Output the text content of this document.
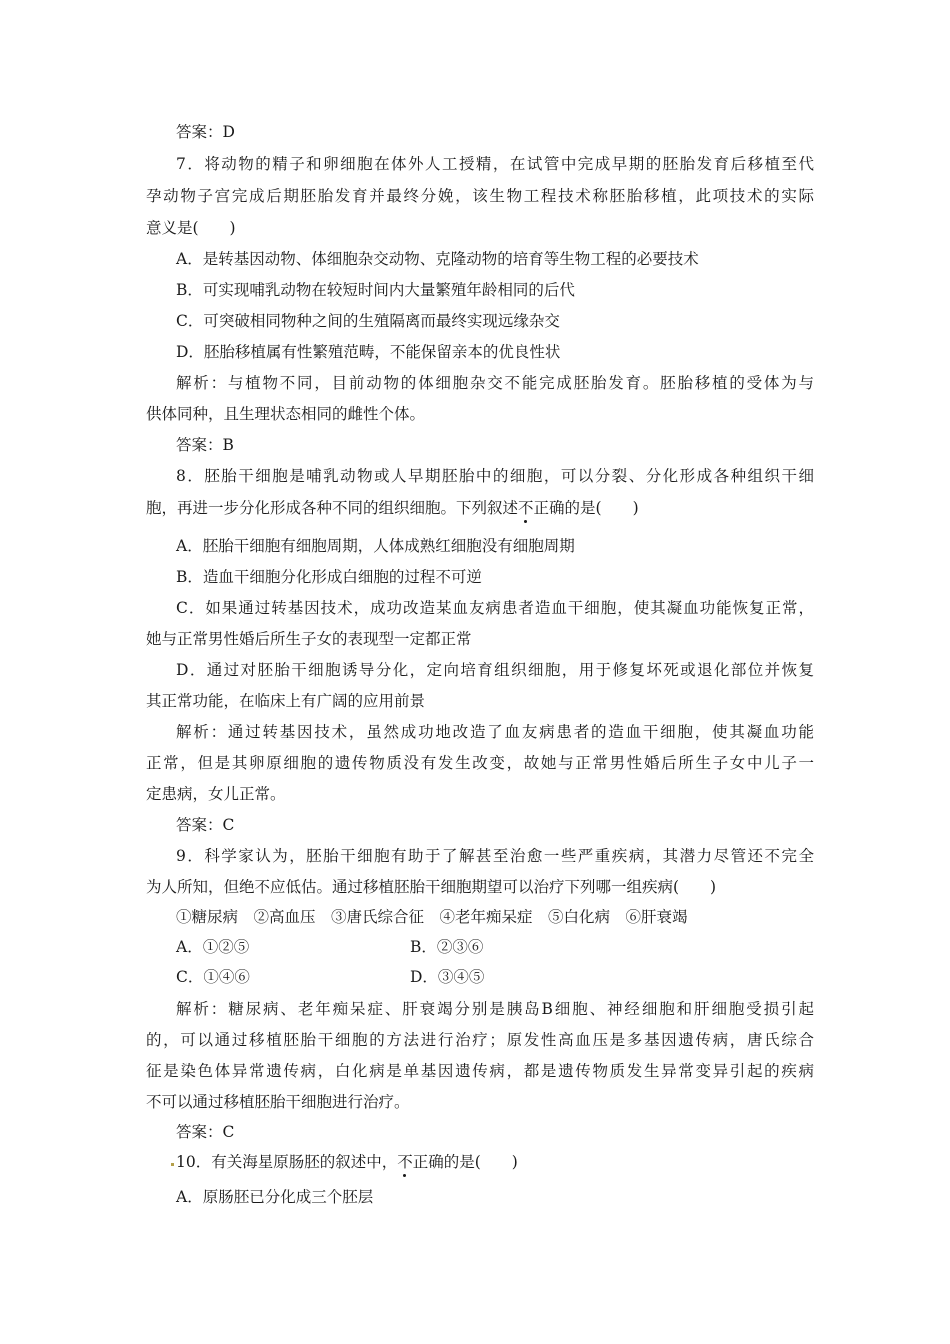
答案：D
7．将动物的精子和卵细胞在体外人工授精，在试管中完成早期的胚胎发育后移植至代
孕动物子宫完成后期胚胎发育并最终分娩，该生物工程技术称胚胎移植，此项技术的实际
意义是(　　)
A．是转基因动物、体细胞杂交动物、克隆动物的培育等生物工程的必要技术
B．可实现哺乳动物在较短时间内大量繁殖年龄相同的后代
C．可突破相同物种之间的生殖隔离而最终实现远缘杂交
D．胚胎移植属有性繁殖范畴，不能保留亲本的优良性状
解析：与植物不同，目前动物的体细胞杂交不能完成胚胎发育。胚胎移植的受体为与
供体同种，且生理状态相同的雌性个体。
答案：B
8．胚胎干细胞是哺乳动物或人早期胚胎中的细胞，可以分裂、分化形成各种组织干细
胞，再进一步分化形成各种不同的组织细胞。下列叙述不正确的是(　　)
A．胚胎干细胞有细胞周期，人体成熟红细胞没有细胞周期
B．造血干细胞分化形成白细胞的过程不可逆
C．如果通过转基因技术，成功改造某血友病患者造血干细胞，使其凝血功能恢复正常，
她与正常男性婚后所生子女的表现型一定都正常
D．通过对胚胎干细胞诱导分化，定向培育组织细胞，用于修复坏死或退化部位并恢复
其正常功能，在临床上有广阔的应用前景
解析：通过转基因技术，虽然成功地改造了血友病患者的造血干细胞，使其凝血功能
正常，但是其卵原细胞的遗传物质没有发生改变，故她与正常男性婚后所生子女中儿子一
定患病，女儿正常。
答案：C
9．科学家认为，胚胎干细胞有助于了解甚至治愈一些严重疾病，其潜力尽管还不完全
为人所知，但绝不应低估。通过移植胚胎干细胞期望可以治疗下列哪一组疾病(　　)
①糖尿病　②高血压　③唐氏综合征　④老年痴呆症　⑤白化病　⑥肝衰竭
A．①②⑤	B．②③⑥
C．①④⑥	D．③④⑤
解析：糖尿病、老年痴呆症、肝衰竭分别是胰岛B细胞、神经细胞和肝细胞受损引起
的，可以通过移植胚胎干细胞的方法进行治疗；原发性高血压是多基因遗传病，唐氏综合
征是染色体异常遗传病，白化病是单基因遗传病，都是遗传物质发生异常变异引起的疾病
不可以通过移植胚胎干细胞进行治疗。
答案：C
10．有关海星原肠胚的叙述中，不正确的是(　　)
A．原肠胚已分化成三个胚层
